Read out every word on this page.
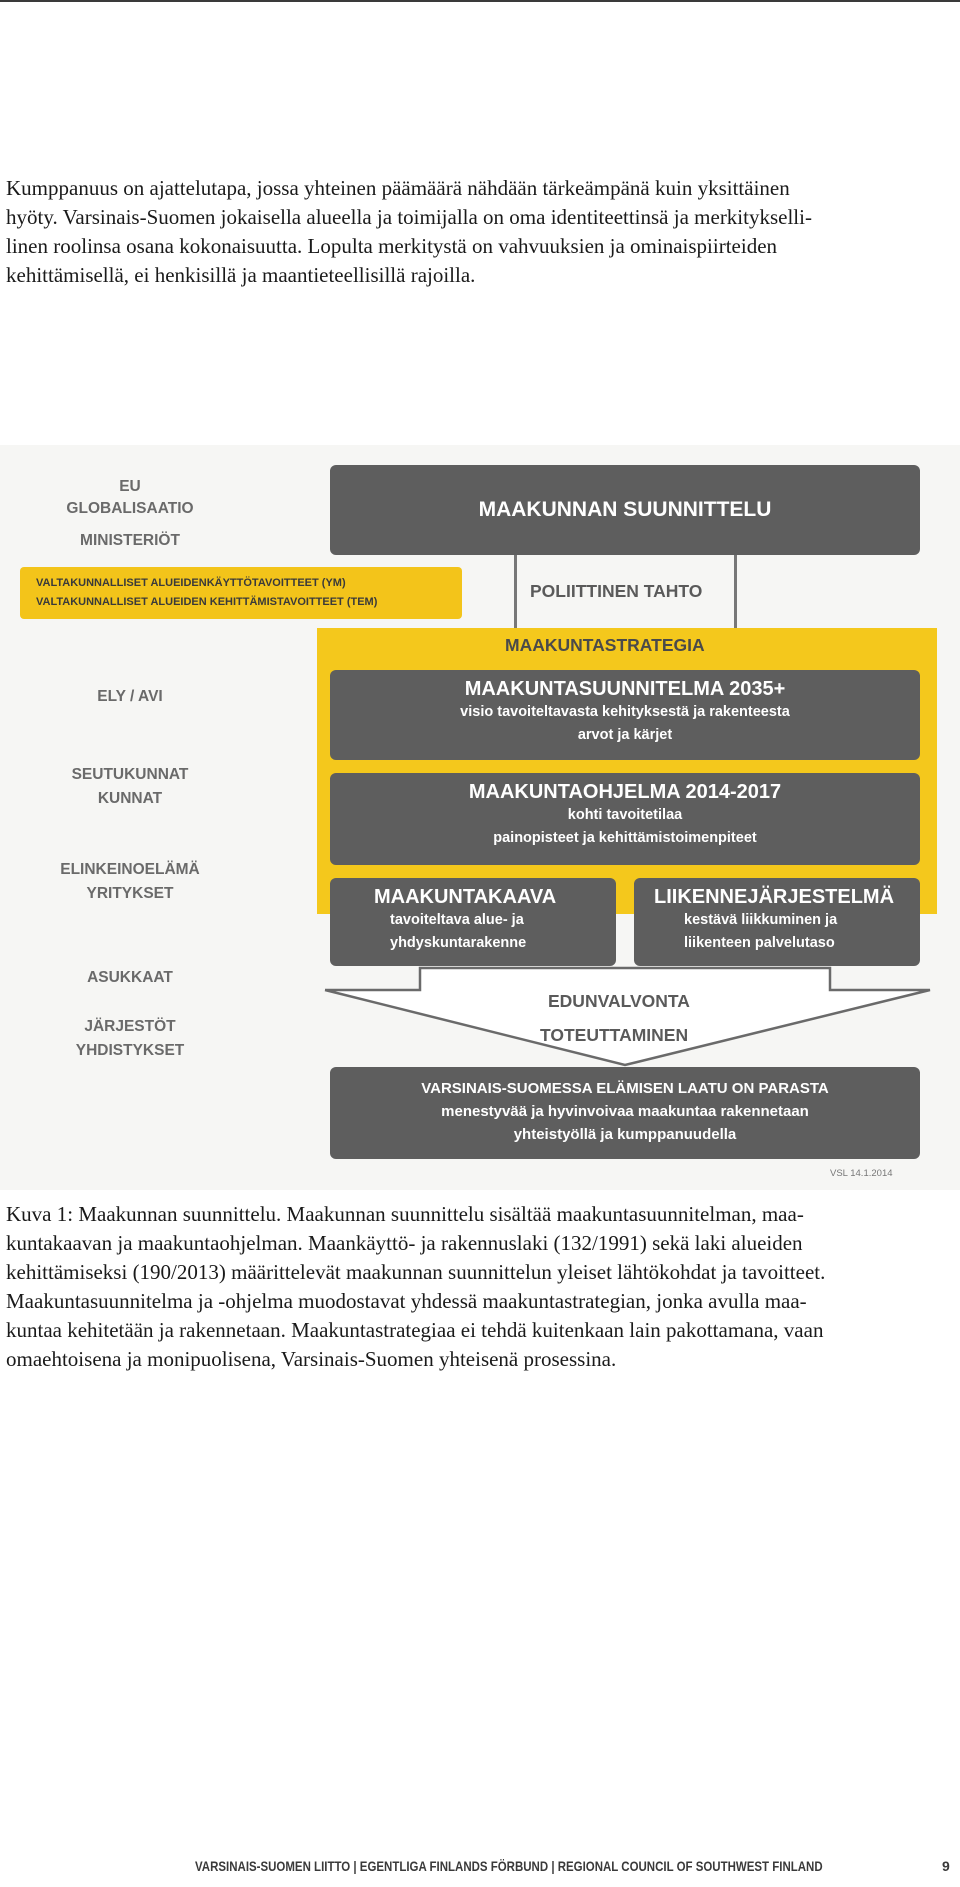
Kumppanuus on ajattelutapa, jossa yhteinen päämäärä nähdään tärkeämpänä kuin yksittäinen
hyöty. Varsinais-Suomen jokaisella alueella ja toimijalla on oma identiteettinsä ja merkitykselli-
linen roolinsa osana kokonaisuutta. Lopulta merkitystä on vahvuuksien ja ominaispiirteiden
kehittämisellä, ei henkisillä ja maantieteellisillä rajoilla.
EU
GLOBALISAATIO
MINISTERIÖT
VALTAKUNNALLISET ALUEIDENKÄYTTÖTAVOITTEET (YM)
VALTAKUNNALLISET ALUEIDEN KEHITTÄMISTAVOITTEET (TEM)
ELY / AVI
SEUTUKUNNAT
KUNNAT
ELINKEINOELÄMÄ
YRITYKSET
ASUKKAAT
JÄRJESTÖT
YHDISTYKSET
MAAKUNNAN SUUNNITTELU
POLIITTINEN TAHTO
MAAKUNTASTRATEGIA
MAAKUNTASUUNNITELMA 2035+
visio tavoiteltavasta kehityksestä ja rakenteesta
arvot ja kärjet
MAAKUNTAOHJELMA 2014-2017
kohti tavoitetilaa
painopisteet ja kehittämistoimenpiteet
MAAKUNTAKAAVA
tavoiteltava alue- ja
yhdyskuntarakenne
LIIKENNEJÄRJESTELMÄ
kestävä liikkuminen ja
liikenteen palvelutaso
EDUNVALVONTA
TOTEUTTAMINEN
VARSINAIS-SUOMESSA ELÄMISEN LAATU ON PARASTA
menestyvää ja hyvinvoivaa maakuntaa rakennetaan
yhteistyöllä ja kumppanuudella
VSL 14.1.2014
Kuva 1: Maakunnan suunnittelu. Maakunnan suunnittelu sisältää maakuntasuunnitelman, maa-
kuntakaavan ja maakuntaohjelman. Maankäyttö- ja rakennuslaki (132/1991) sekä laki alueiden
kehittämiseksi (190/2013) määrittelevät maakunnan suunnittelun yleiset lähtökohdat ja tavoitteet.
Maakuntasuunnitelma ja -ohjelma muodostavat yhdessä maakuntastrategian, jonka avulla maa-
kuntaa kehitetään ja rakennetaan. Maakuntastrategiaa ei tehdä kuitenkaan lain pakottamana, vaan
omaehtoisena ja monipuolisena, Varsinais-Suomen yhteisenä prosessina.
VARSINAIS-SUOMEN LIITTO | EGENTLIGA FINLANDS FÖRBUND | REGIONAL COUNCIL OF SOUTHWEST FINLAND	9
